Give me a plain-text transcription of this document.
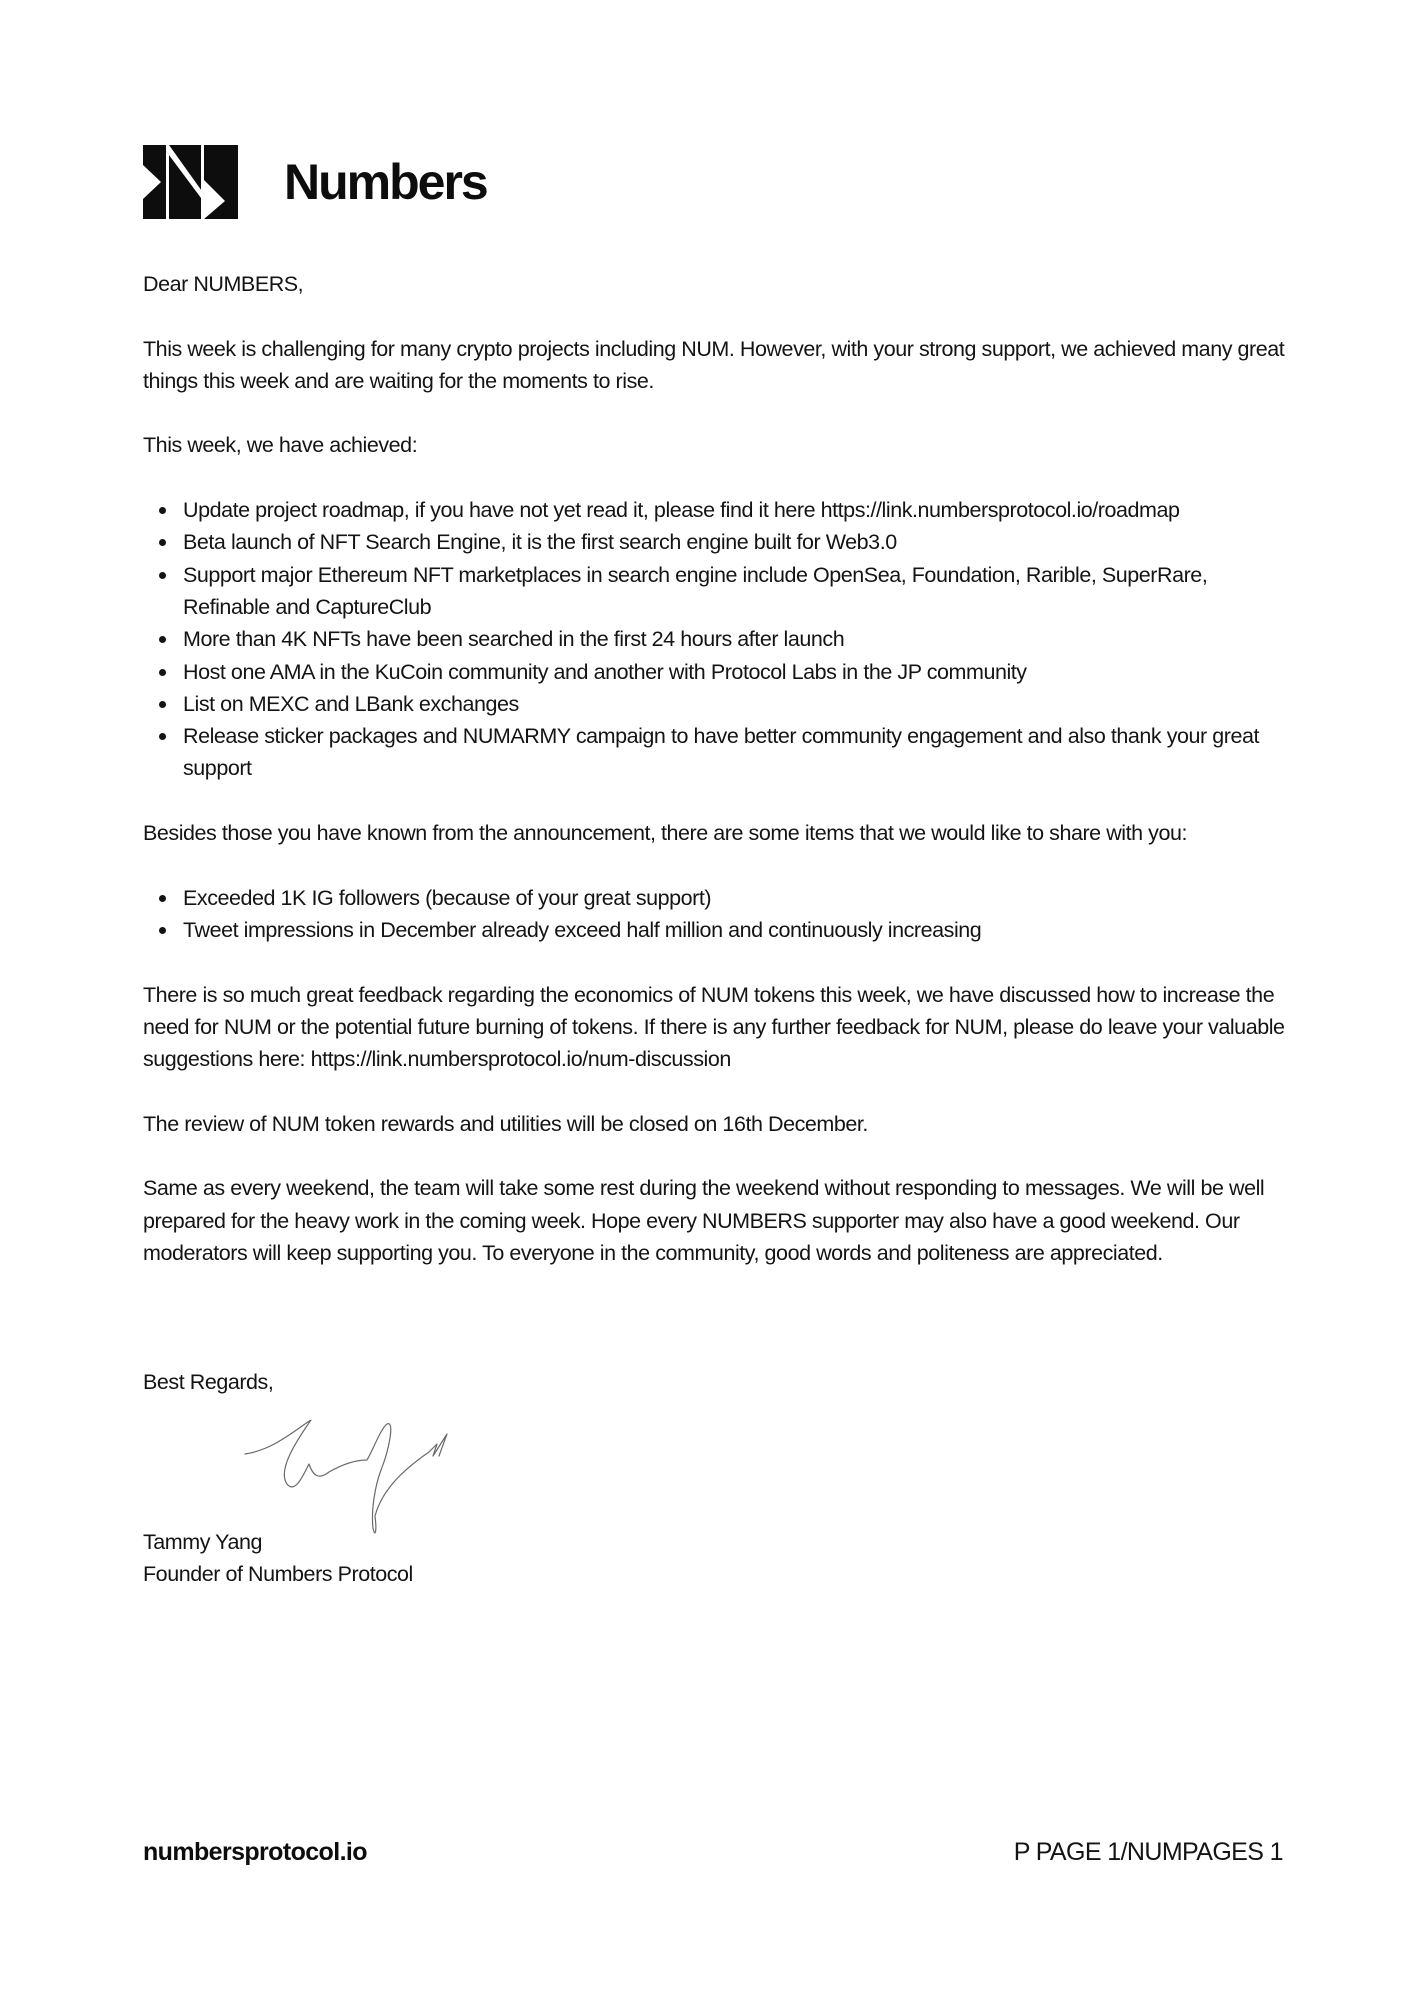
Numbers

Dear NUMBERS,

This week is challenging for many crypto projects including NUM. However, with your strong support, we achieved many great things this week and are waiting for the moments to rise.

This week, we have achieved:

Update project roadmap, if you have not yet read it, please find it here https://link.numbersprotocol.io/roadmap
Beta launch of NFT Search Engine, it is the first search engine built for Web3.0
Support major Ethereum NFT marketplaces in search engine include OpenSea, Foundation, Rarible, SuperRare, Refinable and CaptureClub
More than 4K NFTs have been searched in the first 24 hours after launch
Host one AMA in the KuCoin community and another with Protocol Labs in the JP community
List on MEXC and LBank exchanges
Release sticker packages and NUMARMY campaign to have better community engagement and also thank your great support

Besides those you have known from the announcement, there are some items that we would like to share with you:

Exceeded 1K IG followers (because of your great support)
Tweet impressions in December already exceed half million and continuously increasing

There is so much great feedback regarding the economics of NUM tokens this week, we have discussed how to increase the need for NUM or the potential future burning of tokens. If there is any further feedback for NUM, please do leave your valuable suggestions here: https://link.numbersprotocol.io/num-discussion

The review of NUM token rewards and utilities will be closed on 16th December.

Same as every weekend, the team will take some rest during the weekend without responding to messages. We will be well prepared for the heavy work in the coming week. Hope every NUMBERS supporter may also have a good weekend. Our moderators will keep supporting you. To everyone in the community, good words and politeness are appreciated.

Best Regards,

Tammy Yang
Founder of Numbers Protocol
numbersprotocol.io	P PAGE 1/NUMPAGES 1
